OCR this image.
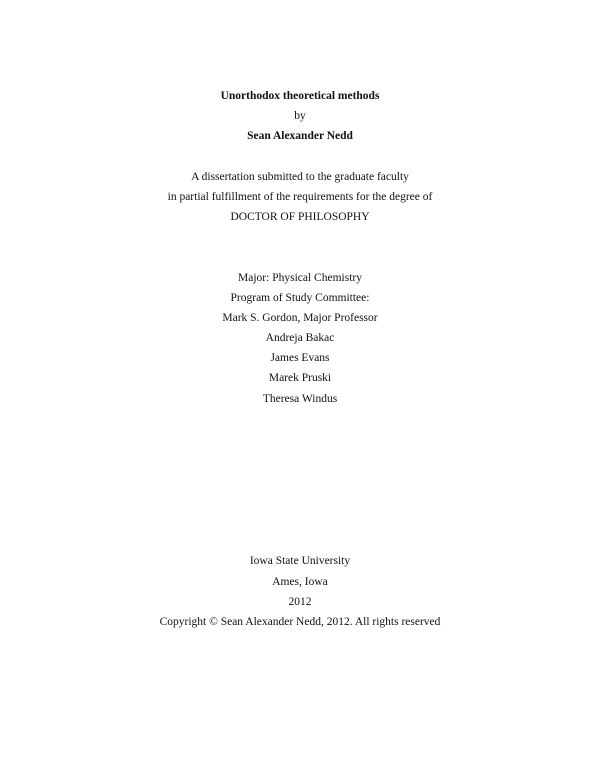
Unorthodox theoretical methods
by
Sean Alexander Nedd
A dissertation submitted to the graduate faculty
in partial fulfillment of the requirements for the degree of
DOCTOR OF PHILOSOPHY
Major: Physical Chemistry
Program of Study Committee:
Mark S. Gordon, Major Professor
Andreja Bakac
James Evans
Marek Pruski
Theresa Windus
Iowa State University
Ames, Iowa
2012
Copyright © Sean Alexander Nedd, 2012. All rights reserved
